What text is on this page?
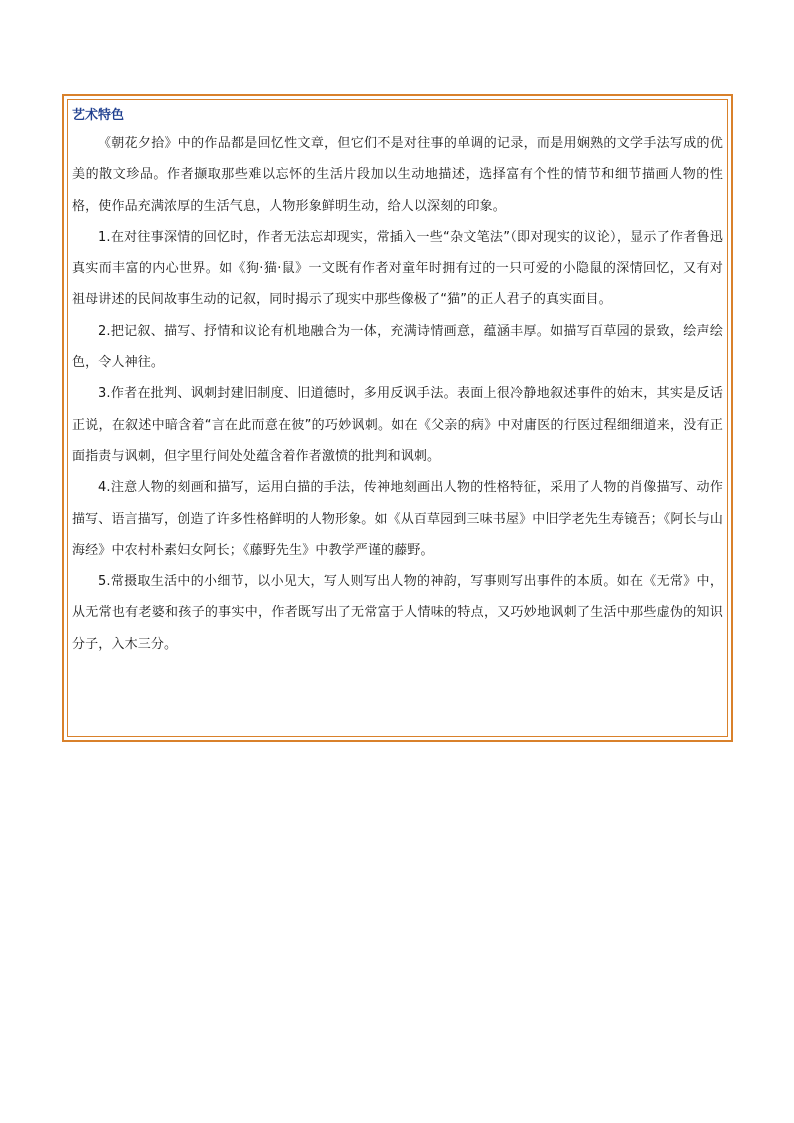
艺术特色

《朝花夕拾》中的作品都是回忆性文章，但它们不是对往事的单调的记录，而是用娴熟的文学手法写成的优美的散文珍品。作者撷取那些难以忘怀的生活片段加以生动地描述，选择富有个性的情节和细节描画人物的性格，使作品充满浓厚的生活气息，人物形象鲜明生动，给人以深刻的印象。

1.在对往事深情的回忆时，作者无法忘却现实，常插入一些“杂文笔法”（即对现实的议论），显示了作者鲁迅真实而丰富的内心世界。如《狗·猫·鼠》一文既有作者对童年时拥有过的一只可爱的小隐鼠的深情回忆，又有对祖母讲述的民间故事生动的记叙，同时揭示了现实中那些像极了“猫”的正人君子的真实面目。

2.把记叙、描写、抒情和议论有机地融合为一体，充满诗情画意，蕴涵丰厚。如描写百草园的景致，绘声绘色，令人神往。

3.作者在批判、讽刺封建旧制度、旧道德时，多用反讽手法。表面上很冷静地叙述事件的始末，其实是反话正说，在叙述中暗含着“言在此而意在彼”的巧妙讽刺。如在《父亲的病》中对庸医的行医过程细细道来，没有正面指责与讽刺，但字里行间处处蕴含着作者激愤的批判和讽刺。

4.注意人物的刻画和描写，运用白描的手法，传神地刻画出人物的性格特征，采用了人物的肖像描写、动作描写、语言描写，创造了许多性格鲜明的人物形象。如《从百草园到三味书屋》中旧学老先生寿镜吾；《阿长与山海经》中农村朴素妇女阿长；《藤野先生》中教学严谨的藤野。

5.常摄取生活中的小细节，以小见大，写人则写出人物的神韵，写事则写出事件的本质。如在《无常》中，从无常也有老婆和孩子的事实中，作者既写出了无常富于人情味的特点，又巧妙地讽刺了生活中那些虚伪的知识分子，入木三分。
